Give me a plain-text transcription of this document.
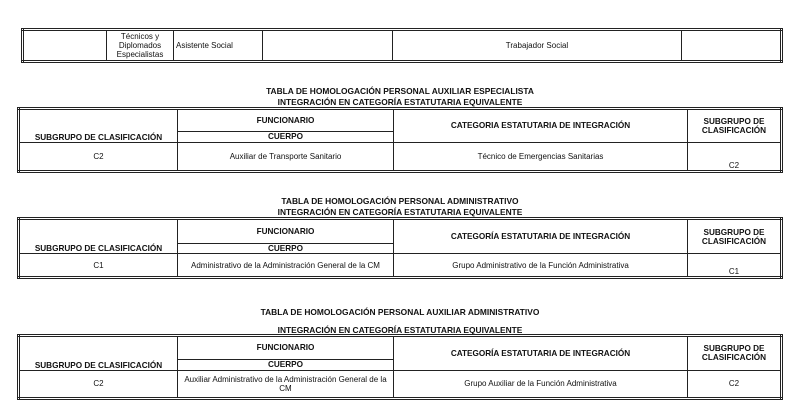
	Técnicos y Diplomados Especialistas	Asistente Social		Trabajador Social	
TABLA DE HOMOLOGACIÓN PERSONAL AUXILIAR ESPECIALISTA
INTEGRACIÓN EN CATEGORÍA ESTATUTARIA EQUIVALENTE
SUBGRUPO DE CLASIFICACIÓN	FUNCIONARIO	CATEGORIA ESTATUTARIA DE INTEGRACIÓN	SUBGRUPO DE CLASIFICACIÓN
	CUERPO		
C2	Auxiliar de Transporte Sanitario	Técnico de Emergencias Sanitarias	C2
TABLA DE HOMOLOGACIÓN PERSONAL ADMINISTRATIVO
INTEGRACIÓN EN CATEGORÍA ESTATUTARIA EQUIVALENTE
SUBGRUPO DE CLASIFICACIÓN	FUNCIONARIO	CATEGORÍA ESTATUTARIA DE INTEGRACIÓN	SUBGRUPO DE CLASIFICACIÓN
	CUERPO		
C1	Administrativo de la Administración General de la CM	Grupo Administrativo de la Función Administrativa	C1
TABLA DE HOMOLOGACIÓN PERSONAL AUXILIAR ADMINISTRATIVO
INTEGRACIÓN EN CATEGORÍA ESTATUTARIA EQUIVALENTE
SUBGRUPO DE CLASIFICACIÓN	FUNCIONARIO	CATEGORÍA ESTATUTARIA DE INTEGRACIÓN	SUBGRUPO DE CLASIFICACIÓN
	CUERPO		
C2	Auxiliar Administrativo de la Administración General de la CM	Grupo Auxiliar de la Función Administrativa	C2
